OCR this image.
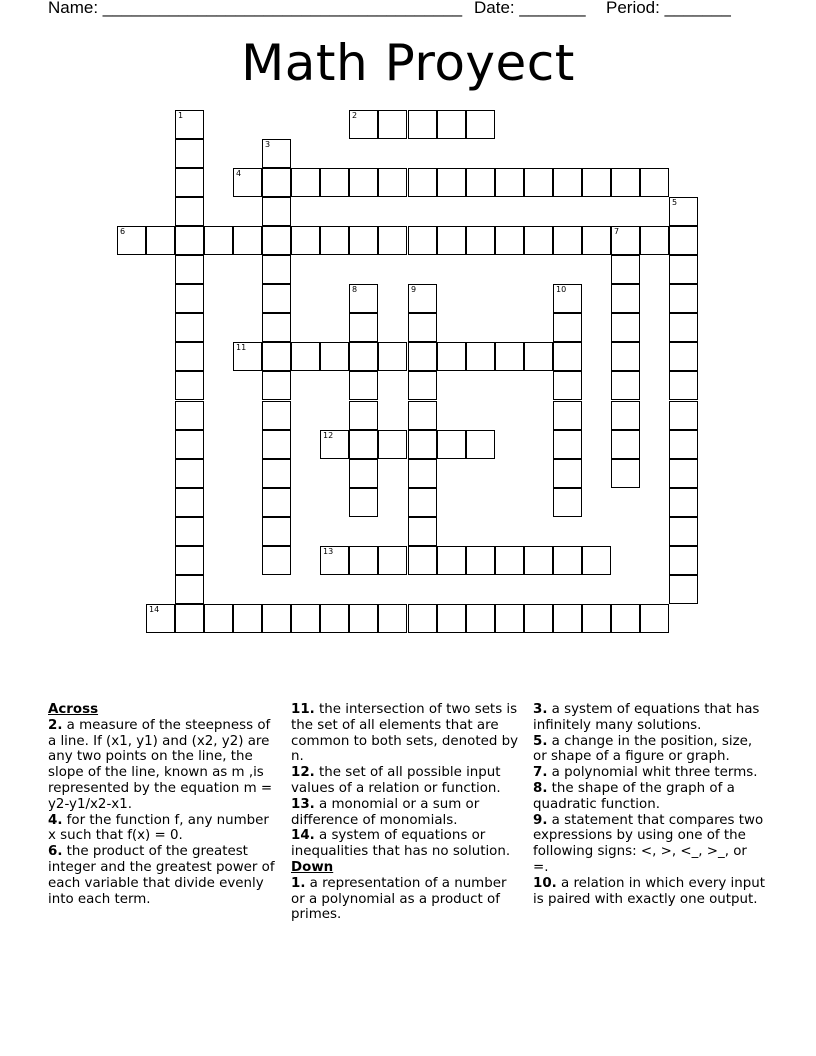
Name: ______________________________________ Date: _______ Period: _______
Math Proyect
1	2
3
4
5
6	7
8	9	10
11
12
13
14
Across

2. a measure of the steepness of a line. If (x1, y1) and (x2, y2) are any two points on the line, the slope of the line, known as m ,is represented by the equation m = y2-y1/x2-x1.

4. for the function f, any number x such that f(x) = 0.

6. the product of the greatest integer and the greatest power of each variable that divide evenly into each term.

11. the intersection of two sets is the set of all elements that are common to both sets, denoted by n.

12. the set of all possible input values of a relation or function.

13. a monomial or a sum or difference of monomials.

14. a system of equations or inequalities that has no solution.

Down

1. a representation of a number or a polynomial as a product of primes.

3. a system of equations that has infinitely many solutions.

5. a change in the position, size, or shape of a figure or graph.

7. a polynomial whit three terms.

8. the shape of the graph of a quadratic function.

9. a statement that compares two expressions by using one of the following signs: <, >, <_, >_, or =.

10. a relation in which every input is paired with exactly one output.
